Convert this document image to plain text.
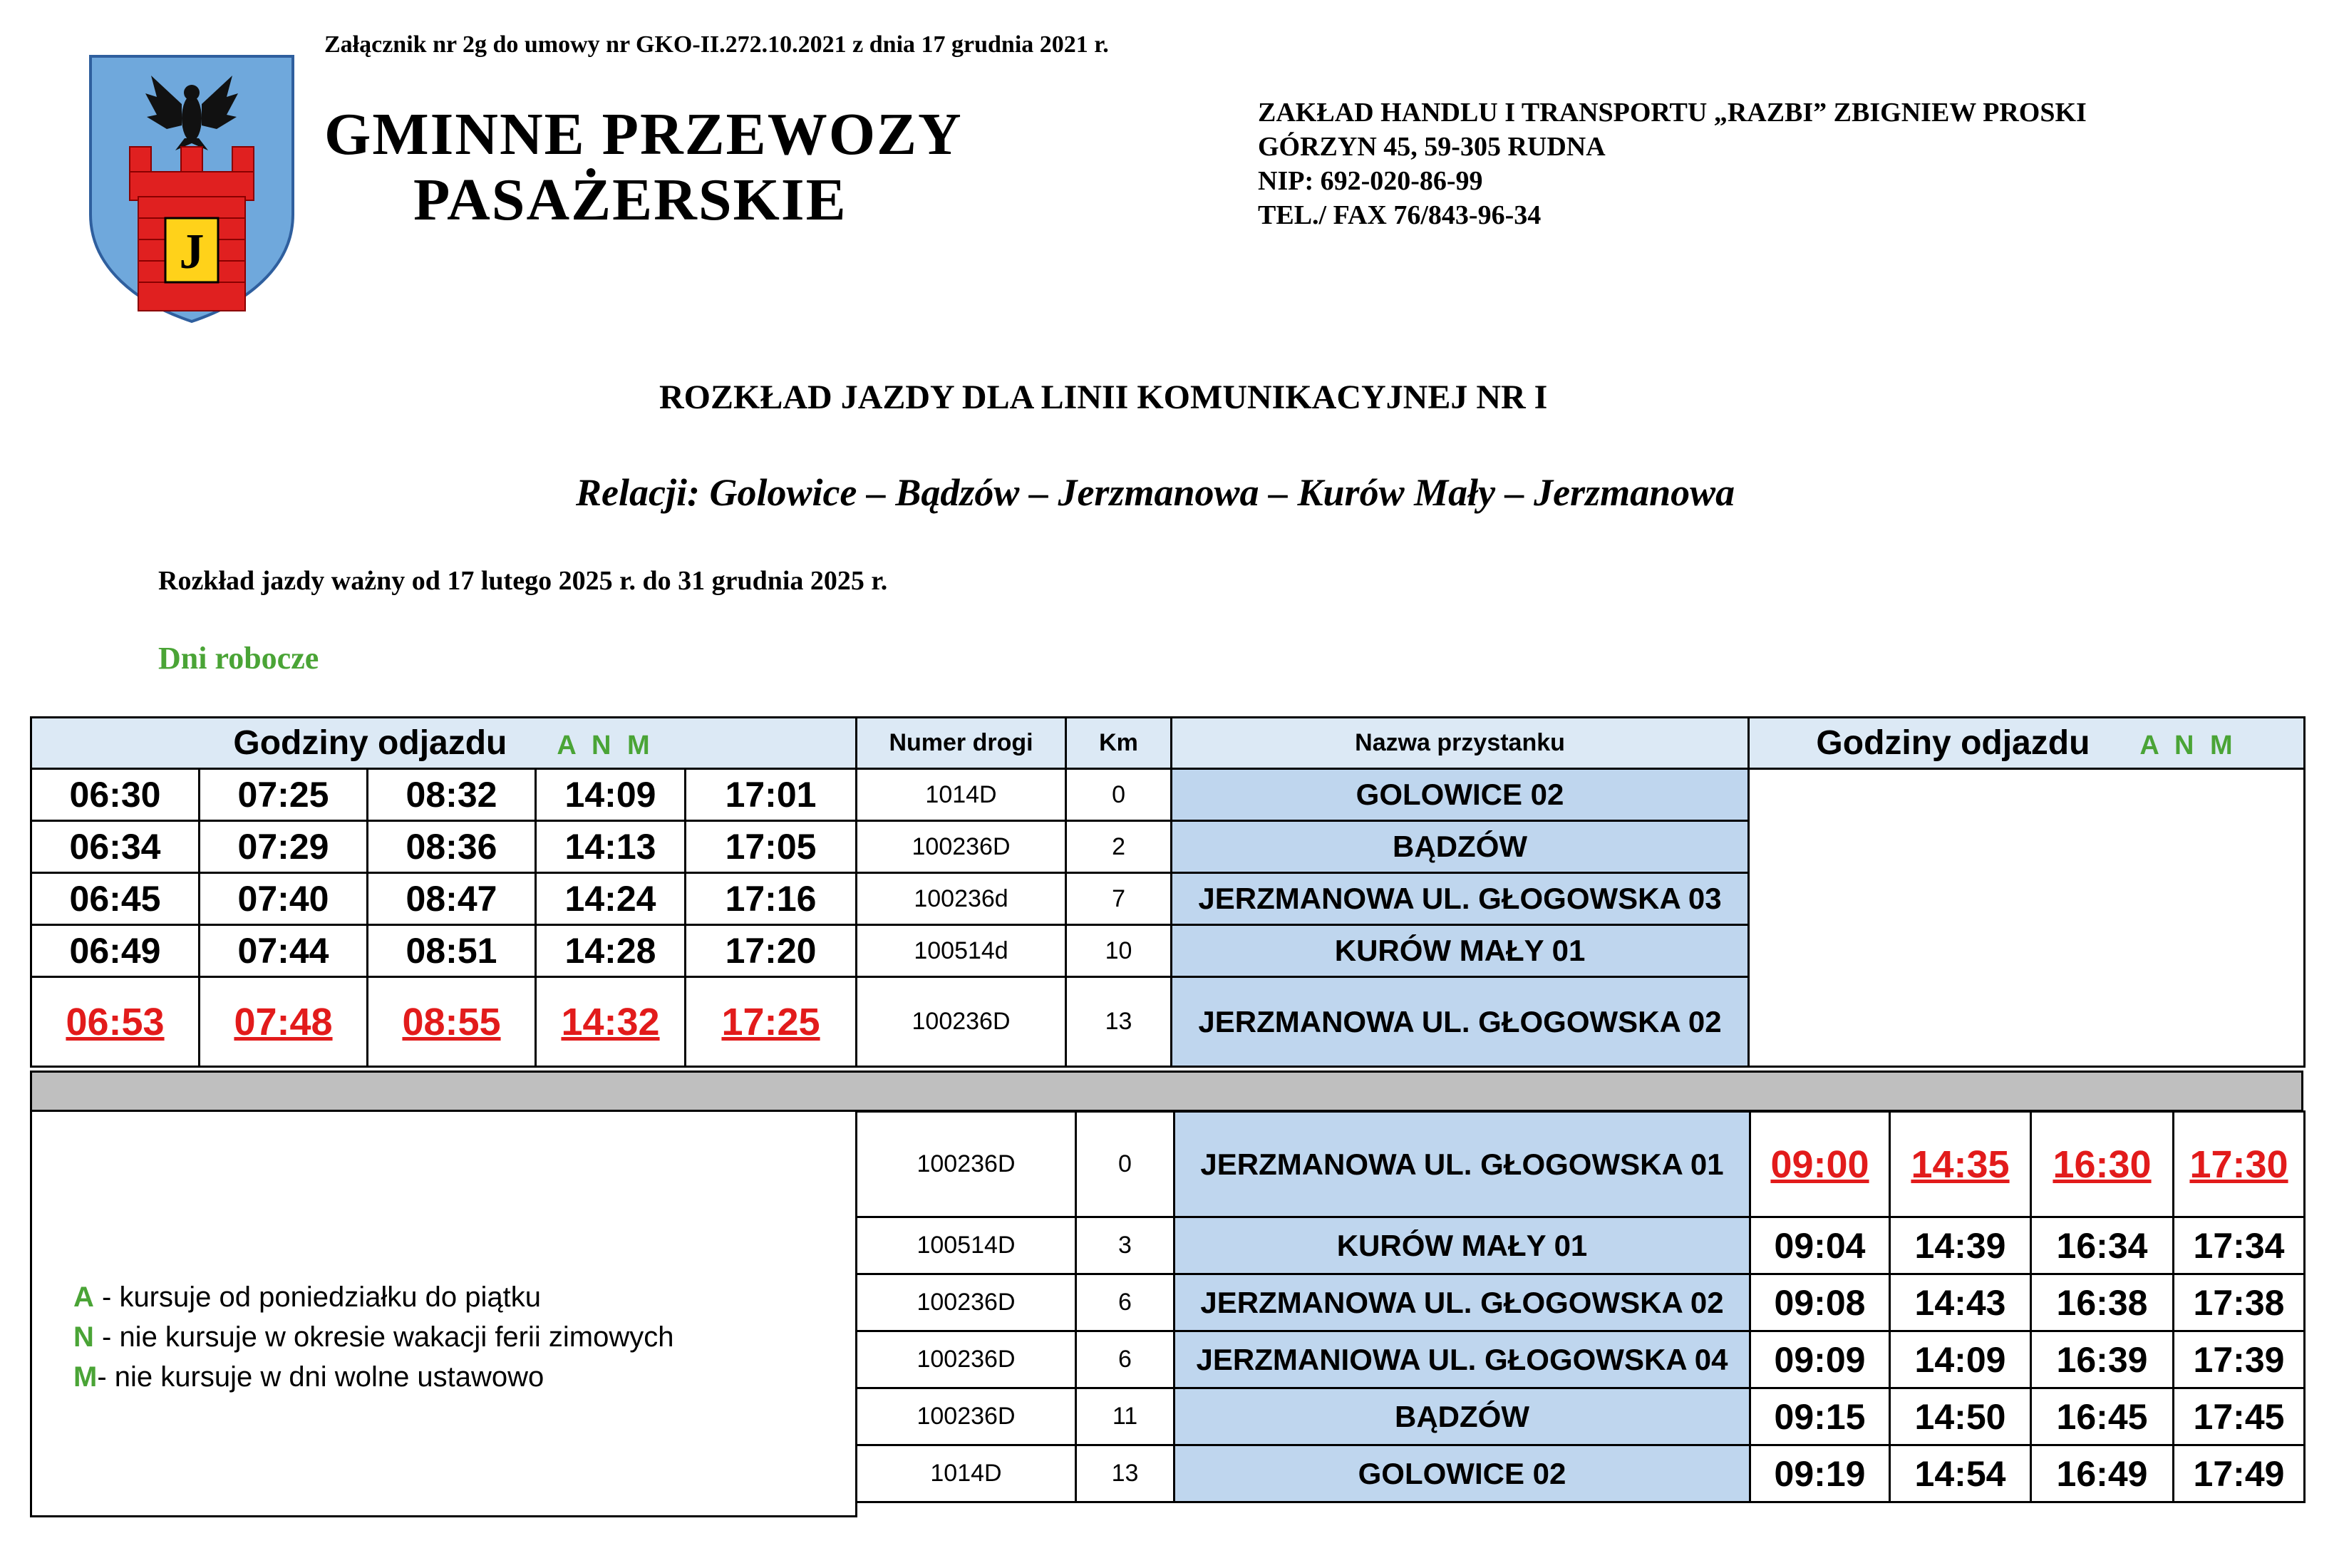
J
Załącznik nr 2g do umowy nr GKO-II.272.10.2021 z dnia 17 grudnia 2021 r.
GMINNE PRZEWOZY
PASAŻERSKIE
ZAKŁAD HANDLU I TRANSPORTU „RAZBI” ZBIGNIEW PROSKI
GÓRZYN 45, 59-305 RUDNA
NIP: 692-020-86-99
TEL./ FAX 76/843-96-34
ROZKŁAD JAZDY DLA LINII KOMUNIKACYJNEJ NR I
Relacji: Golowice – Bądzów – Jerzmanowa – Kurów Mały – Jerzmanowa
Rozkład jazdy ważny od 17 lutego 2025 r. do 31 grudnia 2025 r.
Dni robocze
Godziny odjazdu A N M					Numer drogi	Km	Nazwa przystanku	Godziny odjazdu A N M
06:30	07:25	08:32	14:09	17:01	1014D	0	GOLOWICE 02	
06:34	07:29	08:36	14:13	17:05	100236D	2	BĄDZÓW	
06:45	07:40	08:47	14:24	17:16	100236d	7	JERZMANOWA UL. GŁOGOWSKA 03	
06:49	07:44	08:51	14:28	17:20	100514d	10	KURÓW MAŁY 01	
06:53	07:48	08:55	14:32	17:25	100236D	13	JERZMANOWA UL. GŁOGOWSKA 02	
A - kursuje od poniedziałku do piątku
N - nie kursuje w okresie wakacji ferii zimowych
M- nie kursuje w dni wolne ustawowo
100236D	0	JERZMANOWA UL. GŁOGOWSKA 01	09:00	14:35	16:30	17:30
100514D	3	KURÓW MAŁY 01	09:04	14:39	16:34	17:34
100236D	6	JERZMANOWA UL. GŁOGOWSKA 02	09:08	14:43	16:38	17:38
100236D	6	JERZMANIOWA UL. GŁOGOWSKA 04	09:09	14:09	16:39	17:39
100236D	11	BĄDZÓW	09:15	14:50	16:45	17:45
1014D	13	GOLOWICE 02	09:19	14:54	16:49	17:49
